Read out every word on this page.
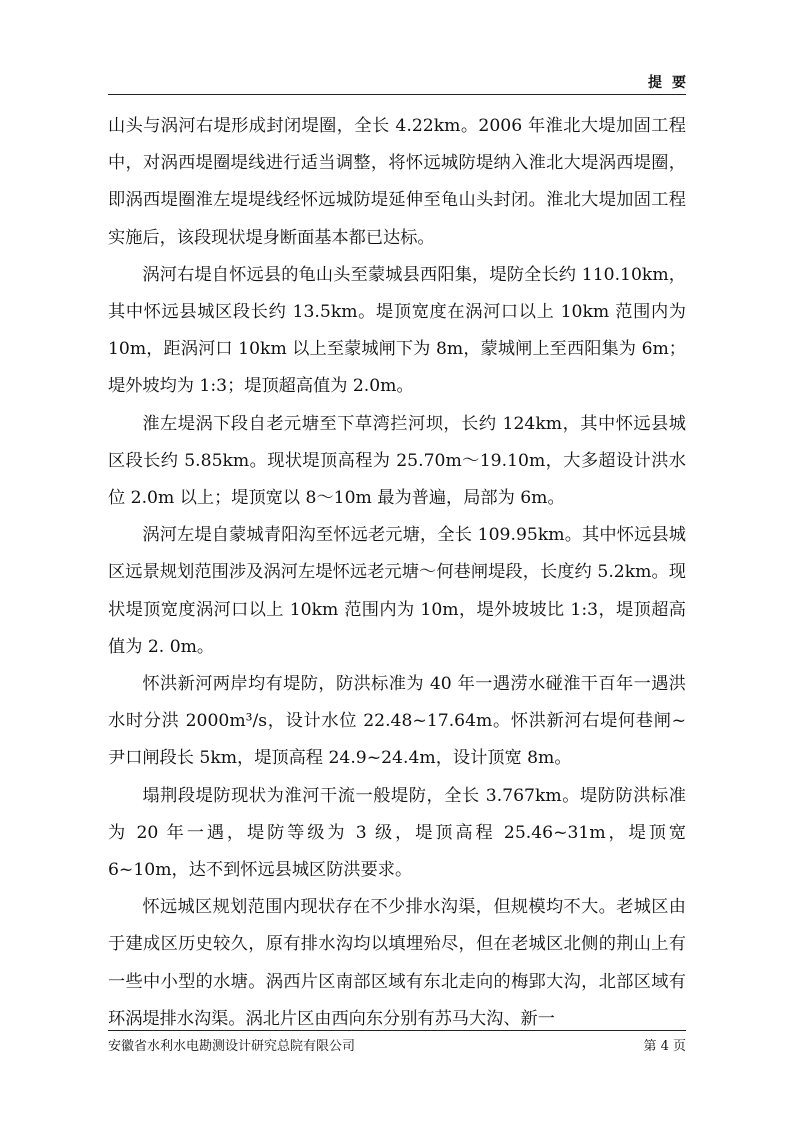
提要

山头与涡河右堤形成封闭堤圈，全长 4.22km。2006 年淮北大堤加固工程中，对涡西堤圈堤线进行适当调整，将怀远城防堤纳入淮北大堤涡西堤圈，即涡西堤圈淮左堤堤线经怀远城防堤延伸至龟山头封闭。淮北大堤加固工程实施后，该段现状堤身断面基本都已达标。

涡河右堤自怀远县的龟山头至蒙城县西阳集，堤防全长约 110.10km，其中怀远县城区段长约 13.5km。堤顶宽度在涡河口以上 10km 范围内为 10m，距涡河口 10km 以上至蒙城闸下为 8m，蒙城闸上至西阳集为 6m；堤外坡均为 1:3；堤顶超高值为 2.0m。

淮左堤涡下段自老元塘至下草湾拦河坝，长约 124km，其中怀远县城区段长约 5.85km。现状堤顶高程为 25.70m～19.10m，大多超设计洪水位 2.0m 以上；堤顶宽以 8～10m 最为普遍，局部为 6m。

涡河左堤自蒙城青阳沟至怀远老元塘，全长 109.95km。其中怀远县城区远景规划范围涉及涡河左堤怀远老元塘～何巷闸堤段，长度约 5.2km。现状堤顶宽度涡河口以上 10km 范围内为 10m，堤外坡坡比 1:3，堤顶超高值为 2. 0m。

怀洪新河两岸均有堤防，防洪标准为 40 年一遇涝水碰淮干百年一遇洪水时分洪 2000m³/s，设计水位 22.48~17.64m。怀洪新河右堤何巷闸~尹口闸段长 5km，堤顶高程 24.9~24.4m，设计顶宽 8m。

塌荆段堤防现状为淮河干流一般堤防，全长 3.767km。堤防防洪标准为 20 年一遇，堤防等级为 3 级，堤顶高程 25.46~31m，堤顶宽 6~10m，达不到怀远县城区防洪要求。

怀远城区规划范围内现状存在不少排水沟渠，但规模均不大。老城区由于建成区历史较久，原有排水沟均以填埋殆尽，但在老城区北侧的荆山上有一些中小型的水塘。涡西片区南部区域有东北走向的梅郢大沟，北部区域有环涡堤排水沟渠。涡北片区由西向东分别有苏马大沟、新一

安徽省水利水电勘测设计研究总院有限公司	第 4 页
